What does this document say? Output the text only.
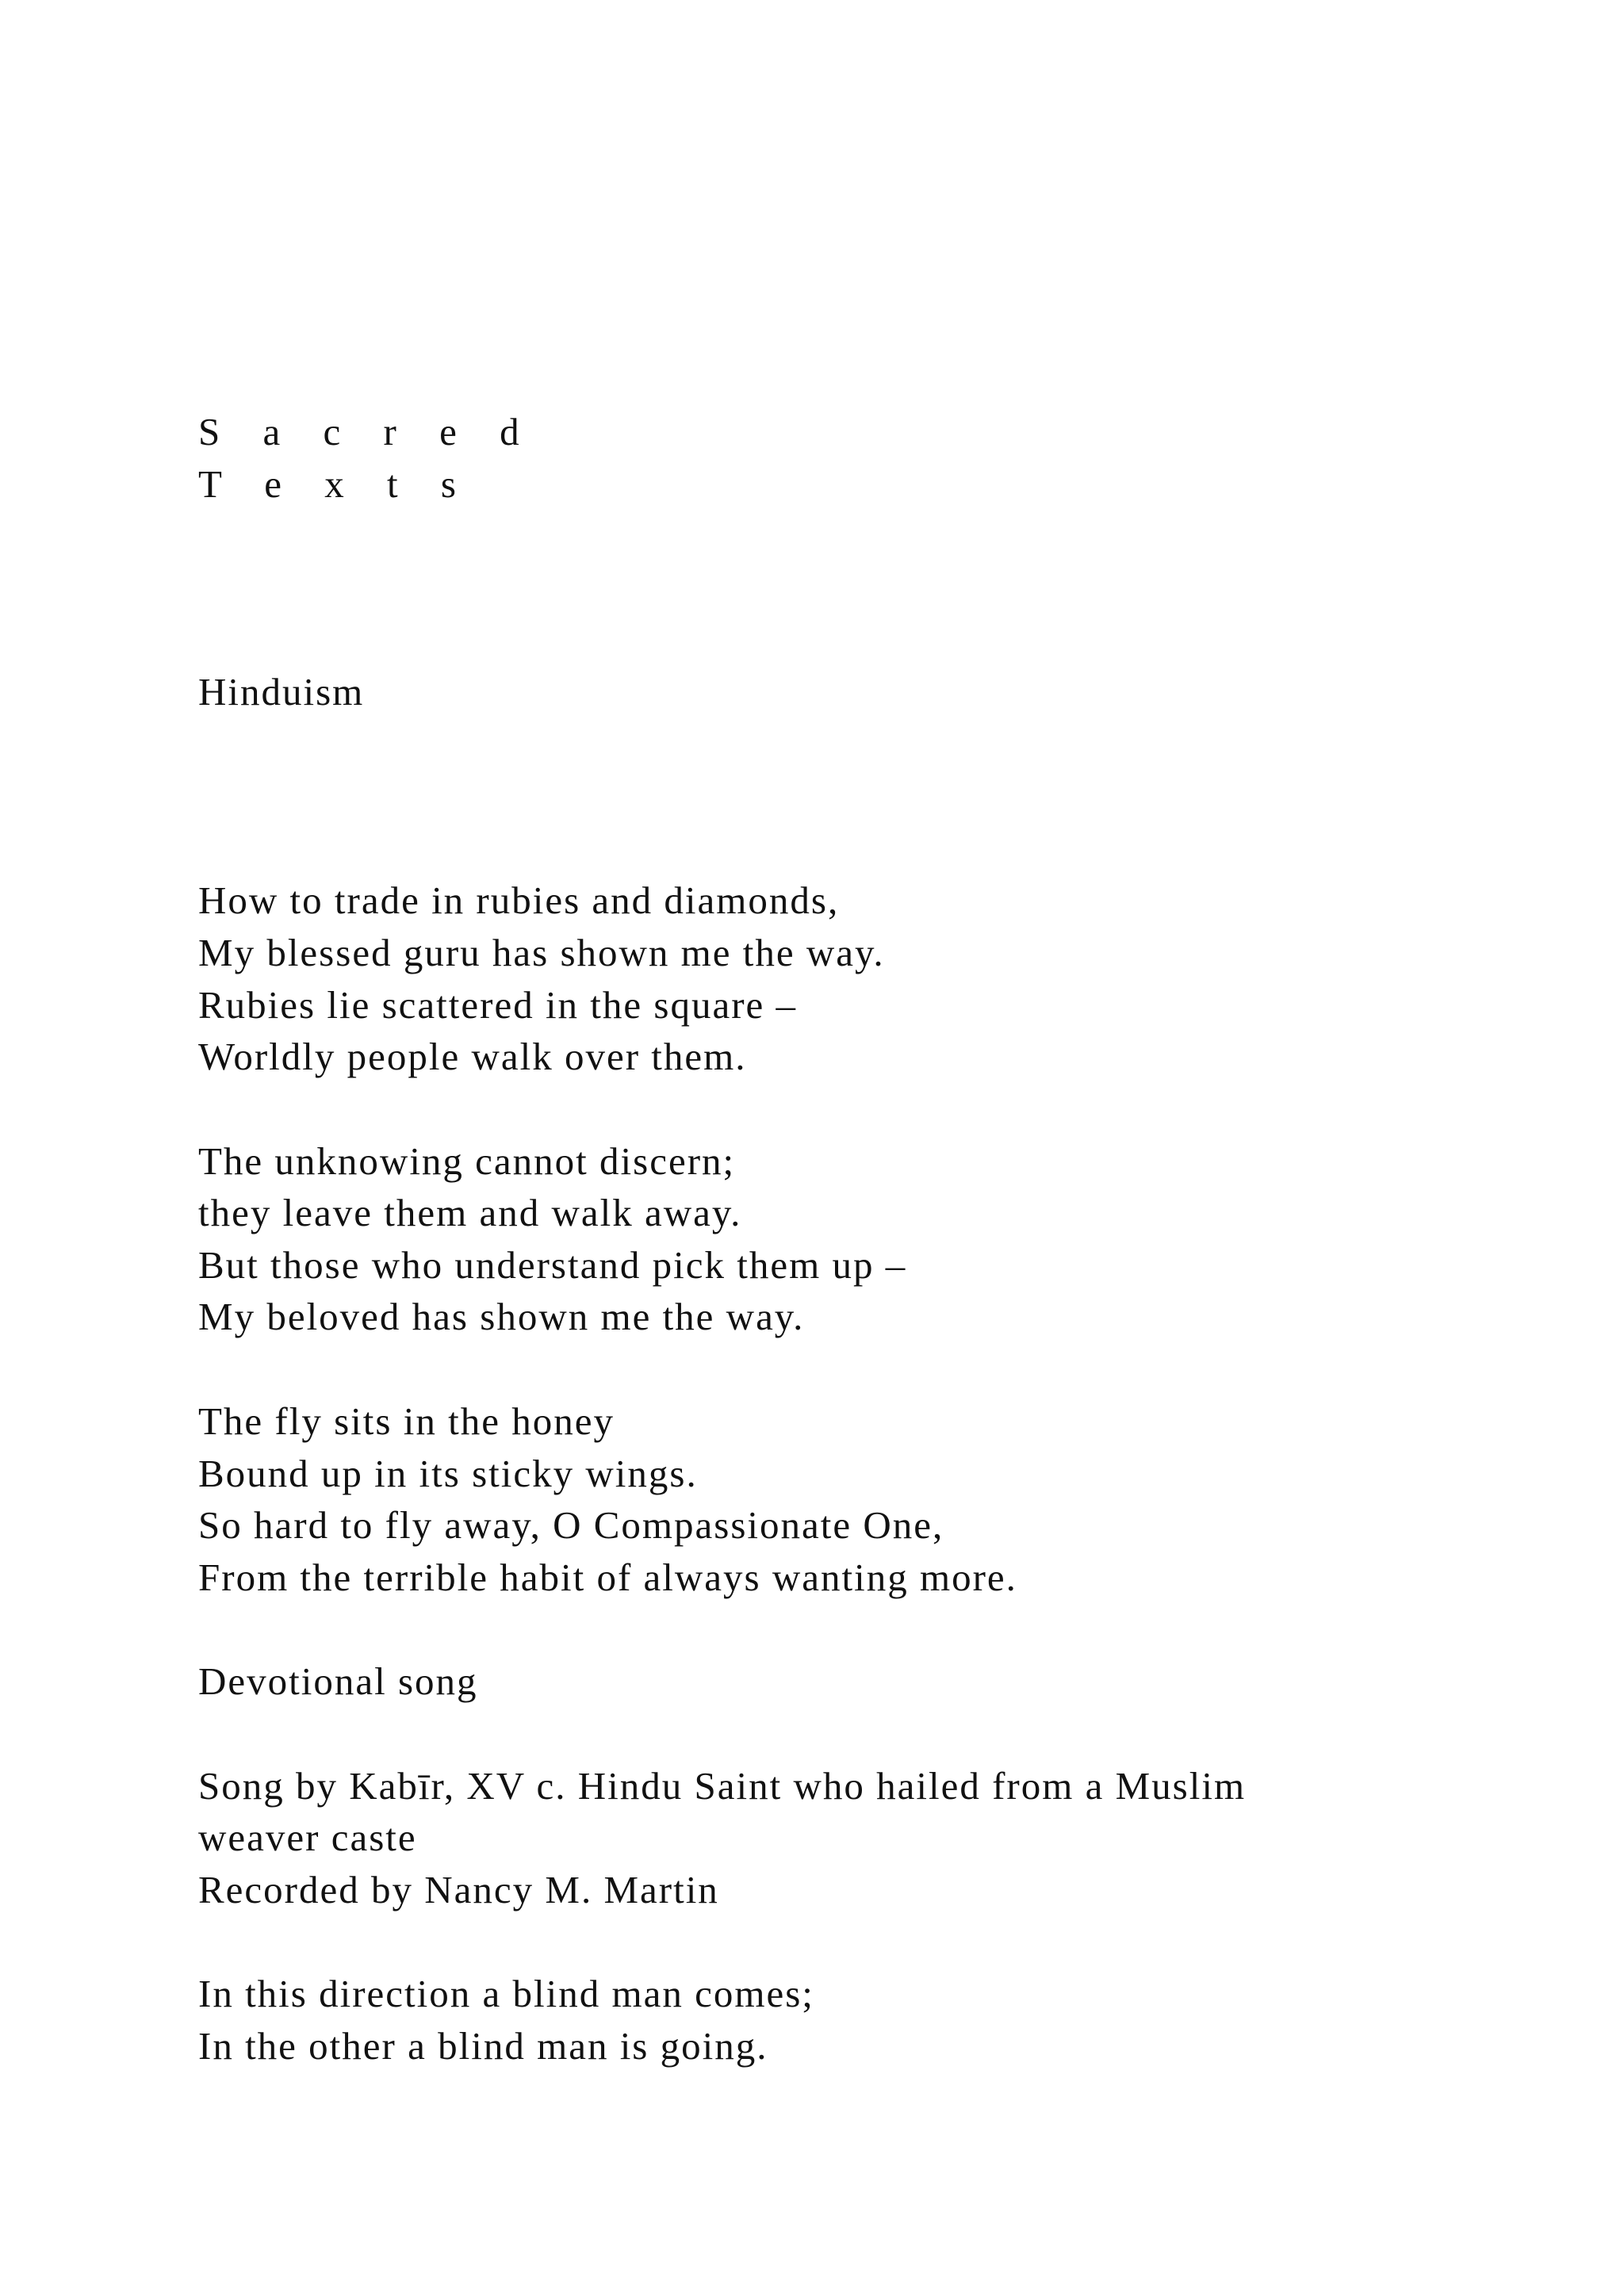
S a c r e d
T e x t s
Hinduism
How to trade in rubies and diamonds,
My blessed guru has shown me the way.
Rubies lie scattered in the square –
Worldly people walk over them.
The unknowing cannot discern;
they leave them and walk away.
But those who understand pick them up –
My beloved has shown me the way.
The fly sits in the honey
Bound up in its sticky wings.
So hard to fly away, O Compassionate One,
From the terrible habit of always wanting more.
Devotional song
Song by Kabīr, XV c. Hindu Saint who hailed from a Muslim
weaver caste
Recorded by Nancy M. Martin
In this direction a blind man comes;
In the other a blind man is going.
